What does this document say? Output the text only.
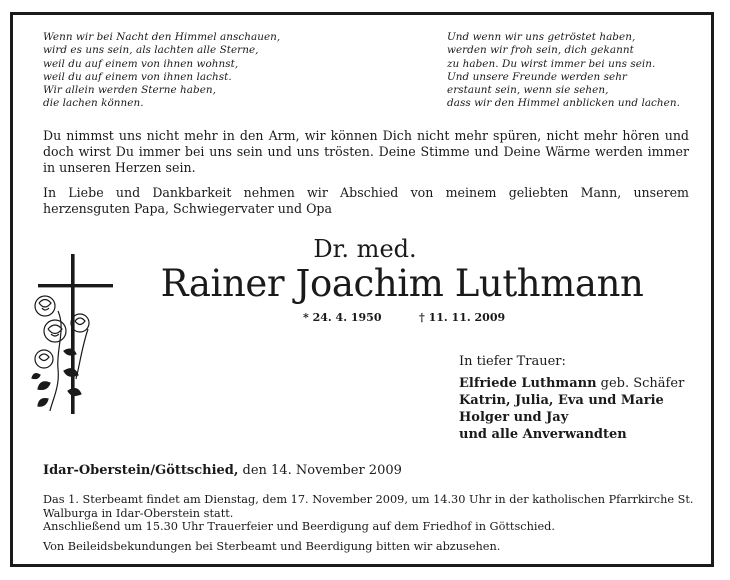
Wenn wir bei Nacht den Himmel anschauen,
wird es uns sein, als lachten alle Sterne,
weil du auf einem von ihnen wohnst,
weil du auf einem von ihnen lachst.
Wir allein werden Sterne haben,
die lachen können.
Und wenn wir uns getröstet haben,
werden wir froh sein, dich gekannt
zu haben. Du wirst immer bei uns sein.
Und unsere Freunde werden sehr
erstaunt sein, wenn sie sehen,
dass wir den Himmel anblicken und lachen.
Du nimmst uns nicht mehr in den Arm, wir können Dich nicht mehr spüren, nicht mehr hören und doch wirst Du immer bei uns sein und uns trösten. Deine Stimme und Deine Wärme werden immer in unseren Herzen sein.
In Liebe und Dankbarkeit nehmen wir Abschied von meinem geliebten Mann, unserem herzensguten Papa, Schwiegervater und Opa
Dr. med.
Rainer Joachim Luthmann
* 24. 4. 1950	† 11. 11. 2009
In tiefer Trauer:
Elfriede Luthmann geb. Schäfer
Katrin, Julia, Eva und Marie
Holger und Jay
und alle Anverwandten
Idar-Oberstein/Göttschied, den 14. November 2009
Das 1. Sterbeamt findet am Dienstag, dem 17. November 2009, um 14.30 Uhr in der katholischen Pfarrkirche St. Walburga in Idar-Oberstein statt.
Anschließend um 15.30 Uhr Trauerfeier und Beerdigung auf dem Friedhof in Göttschied.
Von Beileidsbekundungen bei Sterbeamt und Beerdigung bitten wir abzusehen.
